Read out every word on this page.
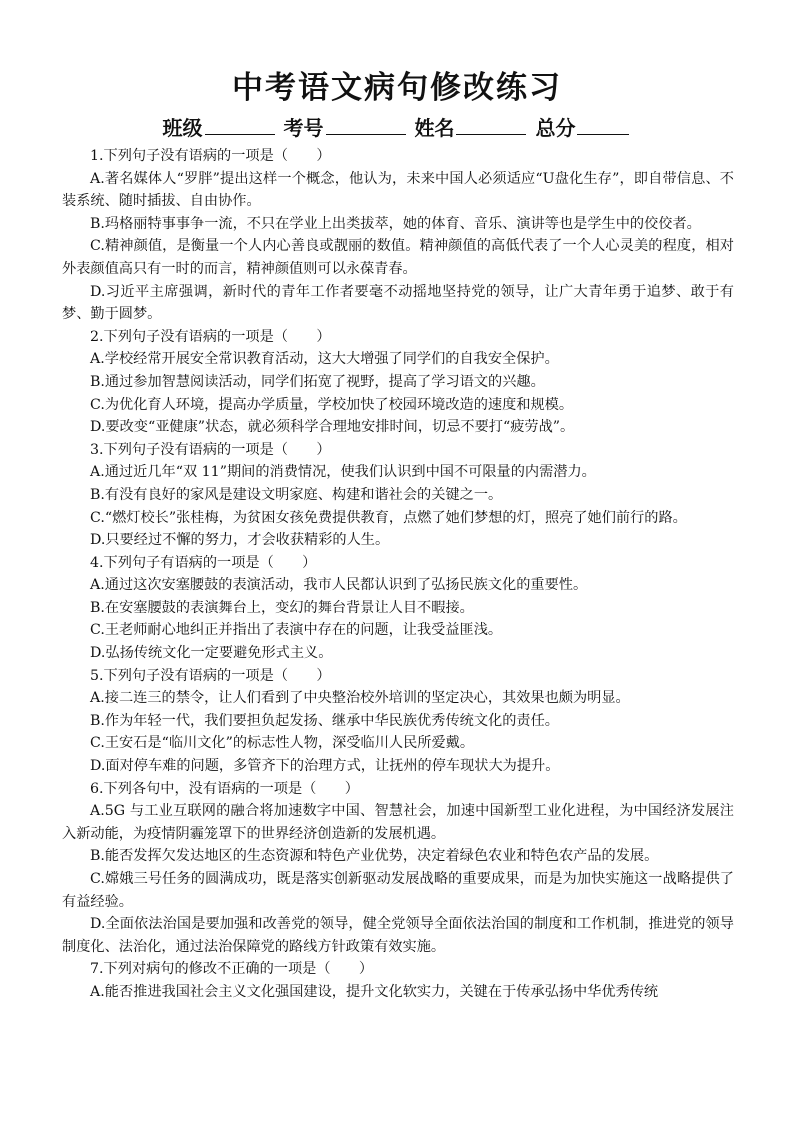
中考语文病句修改练习
班级	考号	姓名	总分
1.下列句子没有语病的一项是（　　）
A.著名媒体人“罗胖”提出这样一个概念，他认为，未来中国人必须适应“U盘化生存”，即自带信息、不装系统、随时插拔、自由协作。
B.玛格丽特事事争一流，不只在学业上出类拔萃，她的体育、音乐、演讲等也是学生中的佼佼者。
C.精神颜值，是衡量一个人内心善良或靓丽的数值。精神颜值的高低代表了一个人心灵美的程度，相对外表颜值高只有一时的而言，精神颜值则可以永葆青春。
D.习近平主席强调，新时代的青年工作者要毫不动摇地坚持党的领导，让广大青年勇于追梦、敢于有梦、勤于圆梦。
2.下列句子没有语病的一项是（　　）
A.学校经常开展安全常识教育活动，这大大增强了同学们的自我安全保护。
B.通过参加智慧阅读活动，同学们拓宽了视野，提高了学习语文的兴趣。
C.为优化育人环境，提高办学质量，学校加快了校园环境改造的速度和规模。
D.要改变“亚健康”状态，就必须科学合理地安排时间，切忌不要打“疲劳战”。
3.下列句子没有语病的一项是（　　）
A.通过近几年“双 11”期间的消费情况，使我们认识到中国不可限量的内需潜力。
B.有没有良好的家风是建设文明家庭、构建和谐社会的关键之一。
C.“燃灯校长”张桂梅，为贫困女孩免费提供教育，点燃了她们梦想的灯，照亮了她们前行的路。
D.只要经过不懈的努力，才会收获精彩的人生。
4.下列句子有语病的一项是（　　）
A.通过这次安塞腰鼓的表演活动，我市人民都认识到了弘扬民族文化的重要性。
B.在安塞腰鼓的表演舞台上，变幻的舞台背景让人目不暇接。
C.王老师耐心地纠正并指出了表演中存在的问题，让我受益匪浅。
D.弘扬传统文化一定要避免形式主义。
5.下列句子没有语病的一项是（　　）
A.接二连三的禁令，让人们看到了中央整治校外培训的坚定决心，其效果也颇为明显。
B.作为年轻一代，我们要担负起发扬、继承中华民族优秀传统文化的责任。
C.王安石是“临川文化”的标志性人物，深受临川人民所爱戴。
D.面对停车难的问题，多管齐下的治理方式，让抚州的停车现状大为提升。
6.下列各句中，没有语病的一项是（　　）
A.5G 与工业互联网的融合将加速数字中国、智慧社会，加速中国新型工业化进程，为中国经济发展注入新动能，为疫情阴霾笼罩下的世界经济创造新的发展机遇。
B.能否发挥欠发达地区的生态资源和特色产业优势，决定着绿色农业和特色农产品的发展。
C.嫦娥三号任务的圆满成功，既是落实创新驱动发展战略的重要成果，而是为加快实施这一战略提供了有益经验。
D.全面依法治国是要加强和改善党的领导，健全党领导全面依法治国的制度和工作机制，推进党的领导制度化、法治化，通过法治保障党的路线方针政策有效实施。
7.下列对病句的修改不正确的一项是（　　）
A.能否推进我国社会主义文化强国建设，提升文化软实力，关键在于传承弘扬中华优秀传统
